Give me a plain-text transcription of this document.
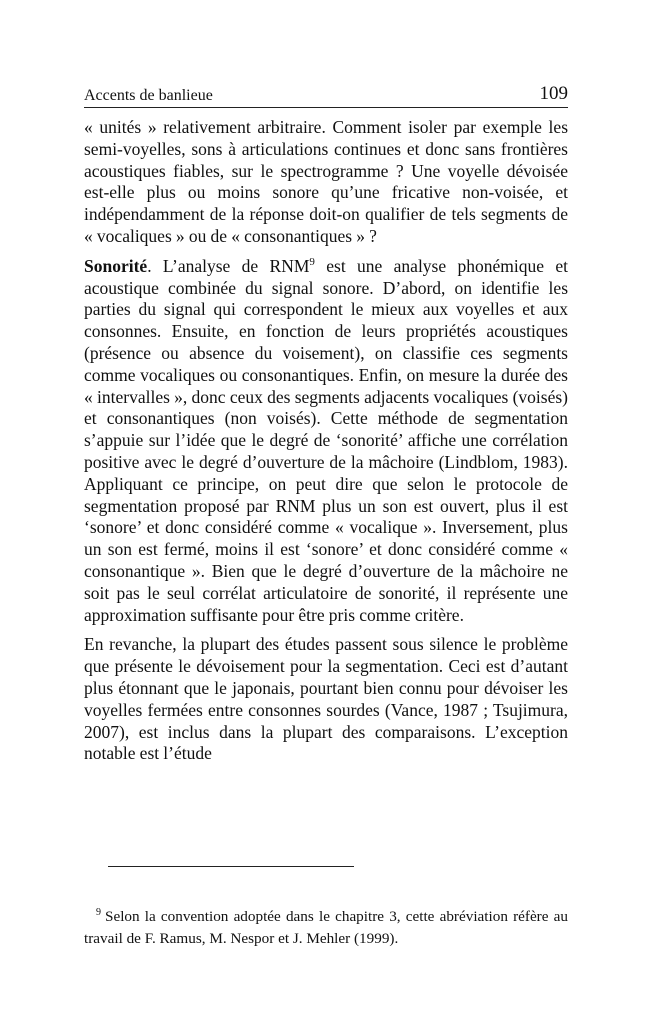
Accents de banlieue	109

« unités » relativement arbitraire. Comment isoler par exemple les semi-voyelles, sons à articulations continues et donc sans frontières acoustiques fiables, sur le spectrogramme ? Une voyelle dévoisée est-elle plus ou moins sonore qu’une fricative non-voisée, et indépendamment de la réponse doit-on qualifier de tels segments de « vocaliques » ou de « consonantiques » ?

Sonorité. L’analyse de RNM$^9$ est une analyse phonémique et acoustique combinée du signal sonore. D’abord, on identifie les parties du signal qui correspondent le mieux aux voyelles et aux consonnes. Ensuite, en fonction de leurs propriétés acoustiques (présence ou absence du voisement), on classifie ces segments comme vocaliques ou consonantiques. Enfin, on mesure la durée des « intervalles », donc ceux des segments adjacents vocaliques (voisés) et consonantiques (non voisés). Cette méthode de segmentation s’appuie sur l’idée que le degré de ‘sonorité’ affiche une corrélation positive avec le degré d’ouverture de la mâchoire (Lindblom, 1983). Appliquant ce principe, on peut dire que selon le protocole de segmentation proposé par RNM plus un son est ouvert, plus il est ‘sonore’ et donc considéré comme « vocalique ». Inversement, plus un son est fermé, moins il est ‘sonore’ et donc considéré comme « consonantique ». Bien que le degré d’ouverture de la mâchoire ne soit pas le seul corrélat articulatoire de sonorité, il représente une approximation suffisante pour être pris comme critère.

En revanche, la plupart des études passent sous silence le problème que présente le dévoisement pour la segmentation. Ceci est d’autant plus étonnant que le japonais, pourtant bien connu pour dévoiser les voyelles fermées entre consonnes sourdes (Vance, 1987 ; Tsujimura, 2007), est inclus dans la plupart des comparaisons. L’exception notable est l’étude

$^9$ Selon la convention adoptée dans le chapitre 3, cette abréviation réfère au travail de F. Ramus, M. Nespor et J. Mehler (1999).
